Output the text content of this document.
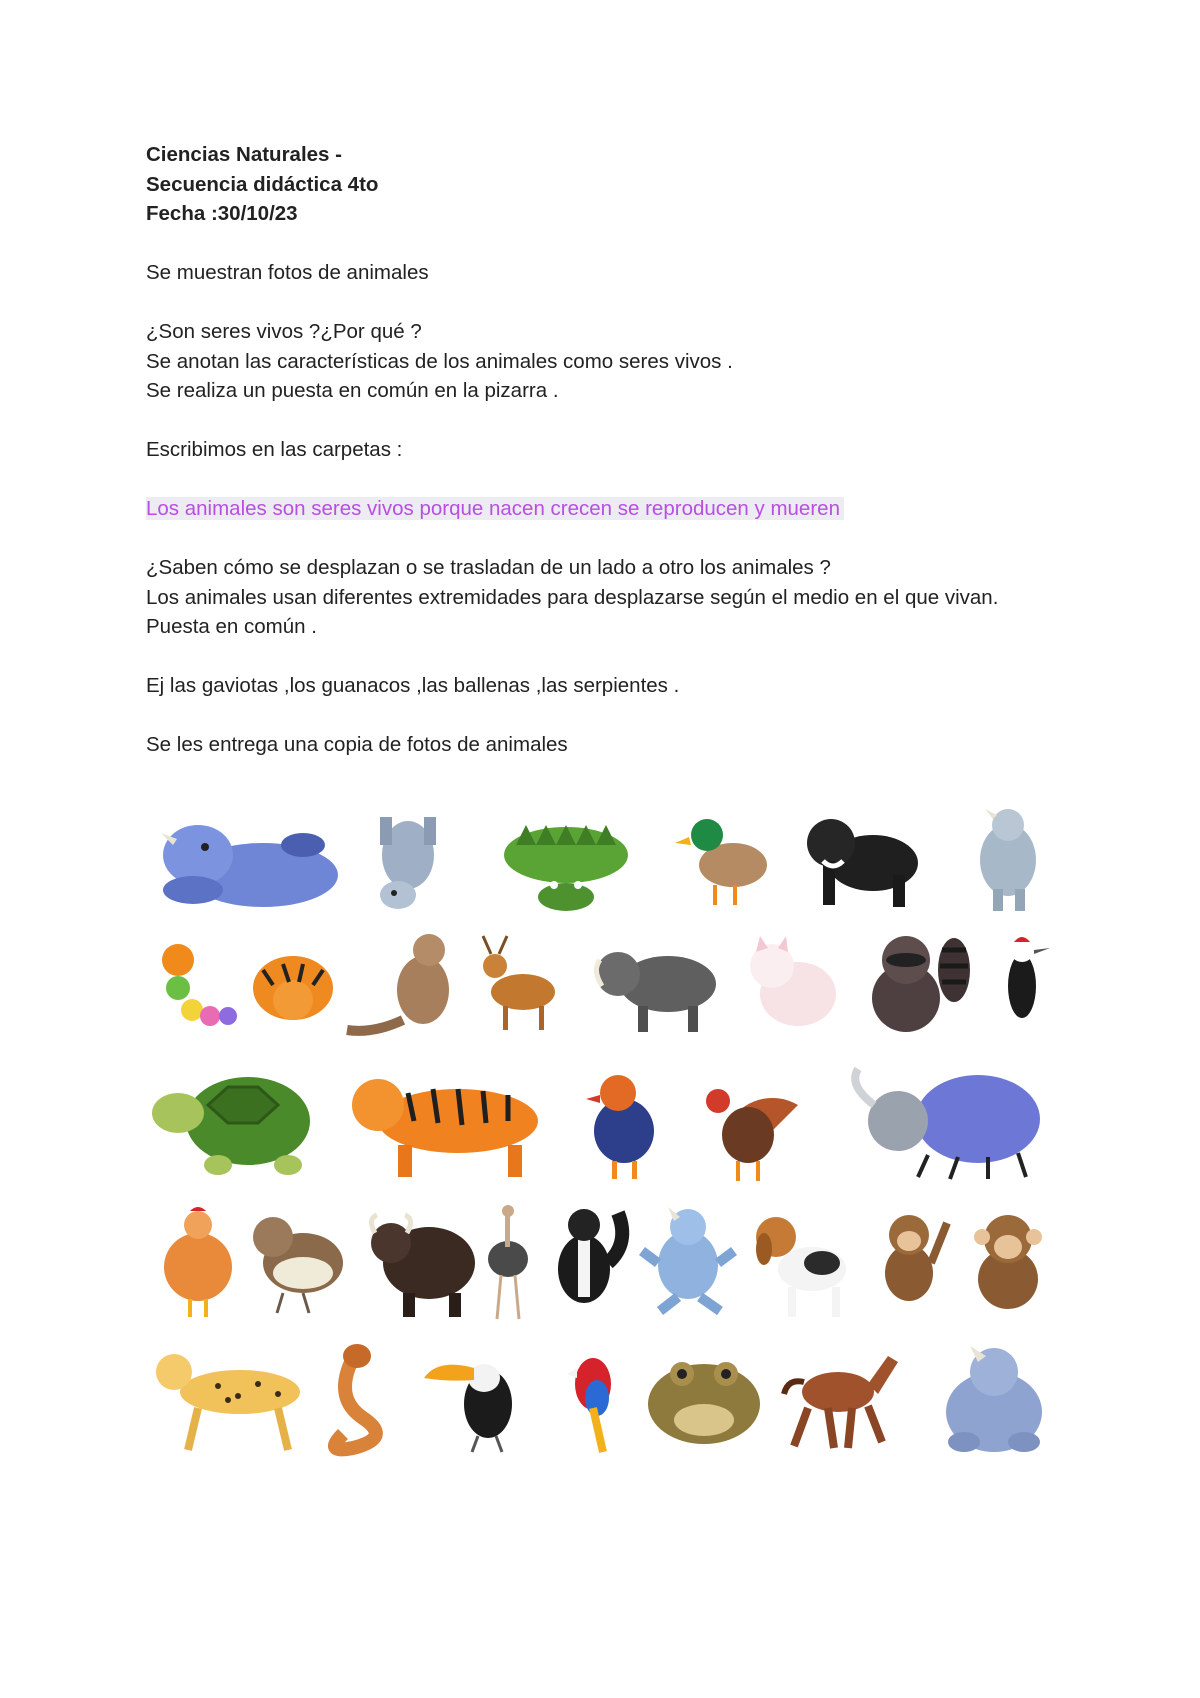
Ciencias Naturales -

Secuencia didáctica 4to

Fecha :30/10/23

Se muestran fotos de animales

¿Son seres vivos ?¿Por qué ?

Se anotan las características de los animales como seres vivos .

Se realiza un puesta en común en la pizarra .

Escribimos en las carpetas :

Los animales son seres vivos porque nacen crecen se reproducen y mueren

¿Saben cómo se desplazan o se trasladan de un lado a otro los animales ?

Los animales usan diferentes extremidades para desplazarse según el medio en el que vivan.

Puesta en común .

Ej las gaviotas ,los guanacos ,las ballenas ,las serpientes .

Se les entrega una copia de fotos de animales
